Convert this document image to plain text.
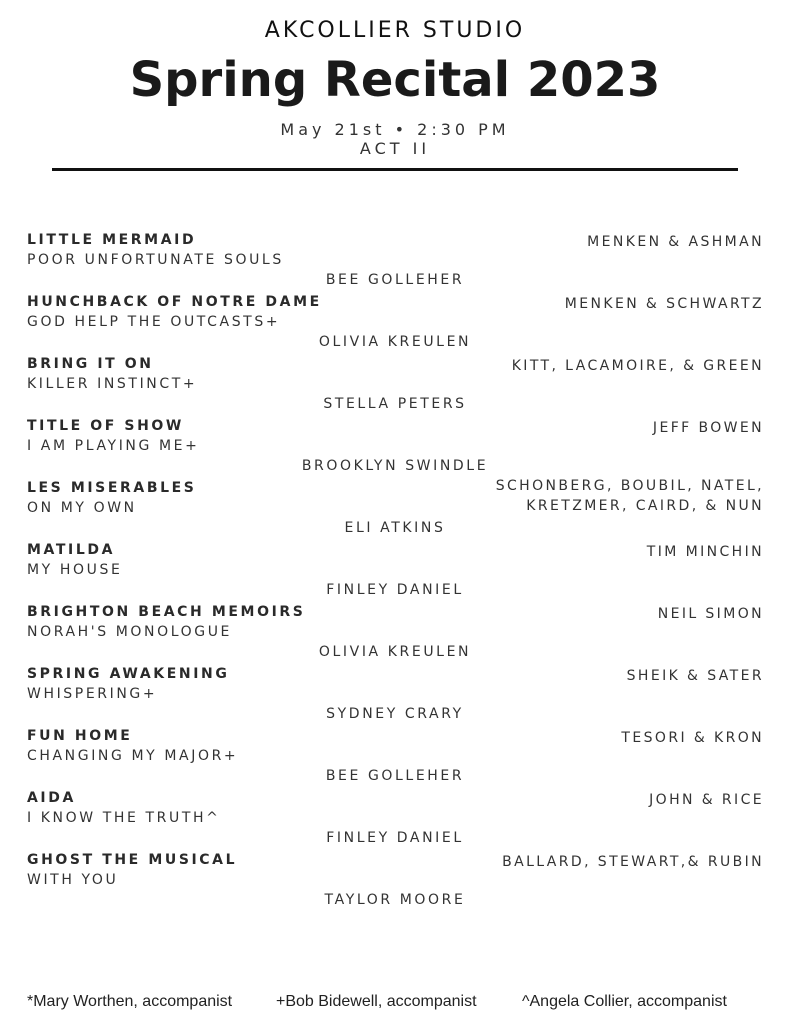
AKCOLLIER STUDIO
Spring Recital 2023
May 21st • 2:30 PM
ACT II
LITTLE MERMAID
POOR UNFORTUNATE SOULS
MENKEN & ASHMAN
BEE GOLLEHER
HUNCHBACK OF NOTRE DAME
GOD HELP THE OUTCASTS+
MENKEN & SCHWARTZ
OLIVIA KREULEN
BRING IT ON
KILLER INSTINCT+
KITT, LACAMOIRE, & GREEN
STELLA PETERS
TITLE OF SHOW
I AM PLAYING ME+
JEFF BOWEN
BROOKLYN SWINDLE
LES MISERABLES
ON MY OWN
SCHONBERG, BOUBIL, NATEL,
KRETZMER, CAIRD, & NUN
ELI ATKINS
MATILDA
MY HOUSE
TIM MINCHIN
FINLEY DANIEL
BRIGHTON BEACH MEMOIRS
NORAH'S MONOLOGUE
NEIL SIMON
OLIVIA KREULEN
SPRING AWAKENING
WHISPERING+
SHEIK & SATER
SYDNEY CRARY
FUN HOME
CHANGING MY MAJOR+
TESORI & KRON
BEE GOLLEHER
AIDA
I KNOW THE TRUTH^
JOHN & RICE
FINLEY DANIEL
GHOST THE MUSICAL
WITH YOU
BALLARD, STEWART,& RUBIN
TAYLOR MOORE
*Mary Worthen, accompanist	+Bob Bidewell, accompanist	^Angela Collier, accompanist
